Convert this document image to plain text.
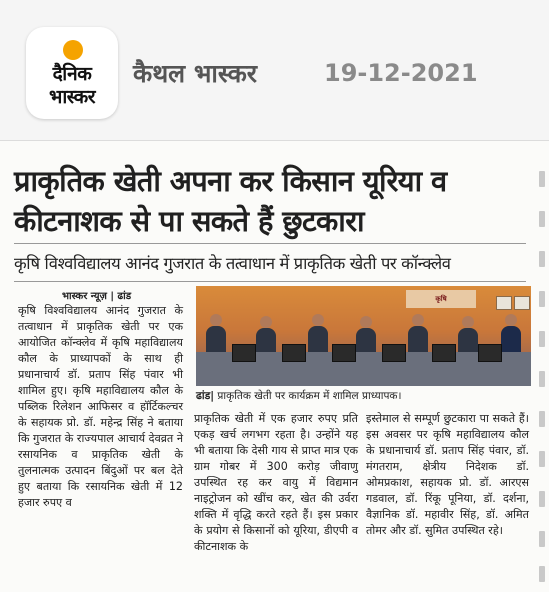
दैनिक
भास्कर
कैथल भास्कर	19-12-2021
प्राकृतिक खेती अपना कर किसान यूरिया व कीटनाशक से पा सकते हैं छुटकारा
कृषि विश्वविद्यालय आनंद गुजरात के तत्वाधान में प्राकृतिक खेती पर कॉन्क्लेव
भास्कर न्यूज़ | ढांड
कृषि विश्वविद्यालय आनंद गुजरात के तत्वाधान में प्राकृतिक खेती पर एक आयोजित कॉन्क्लेव में कृषि महाविद्यालय कौल के प्राध्यापकों के साथ ही प्रधानाचार्य डॉ. प्रताप सिंह पंवार भी शामिल हुए। कृषि महाविद्यालय कौल के पब्लिक रिलेशन आफिसर व हॉर्टिकल्चर के सहायक प्रो. डॉ. महेन्द्र सिंह ने बताया कि गुजरात के राज्यपाल आचार्य देवव्रत ने रसायनिक व प्राकृतिक खेती के तुलनात्मक उत्पादन बिंदुओं पर बल देते हुए बताया कि रसायनिक खेती में 12 हजार रुपए व
कृषि
ढांड| प्राकृतिक खेती पर कार्यक्रम में शामिल प्राध्यापक।
प्राकृतिक खेती में एक हजार रुपए प्रति एकड़ खर्च लगभग रहता है। उन्होंने यह भी बताया कि देसी गाय से प्राप्त मात्र एक ग्राम गोबर में 300 करोड़ जीवाणु उपस्थित रह कर वायु में विद्यमान नाइट्रोजन को खींच कर, खेत की उर्वरा शक्ति में वृद्धि करते रहते हैं। इस प्रकार के प्रयोग से किसानों को यूरिया, डीएपी व कीटनाशक के
इस्तेमाल से सम्पूर्ण छुटकारा पा सकते हैं। इस अवसर पर कृषि महाविद्यालय कौल के प्रधानाचार्य डॉ. प्रताप सिंह पंवार, डॉ. मंगतराम, क्षेत्रीय निदेशक डॉ. ओमप्रकाश, सहायक प्रो. डॉ. आरएस गडवाल, डॉ. रिंकू पूनिया, डॉ. दर्शना, वैज्ञानिक डॉ. महावीर सिंह, डॉ. अमित तोमर और डॉ. सुमित उपस्थित रहे।
